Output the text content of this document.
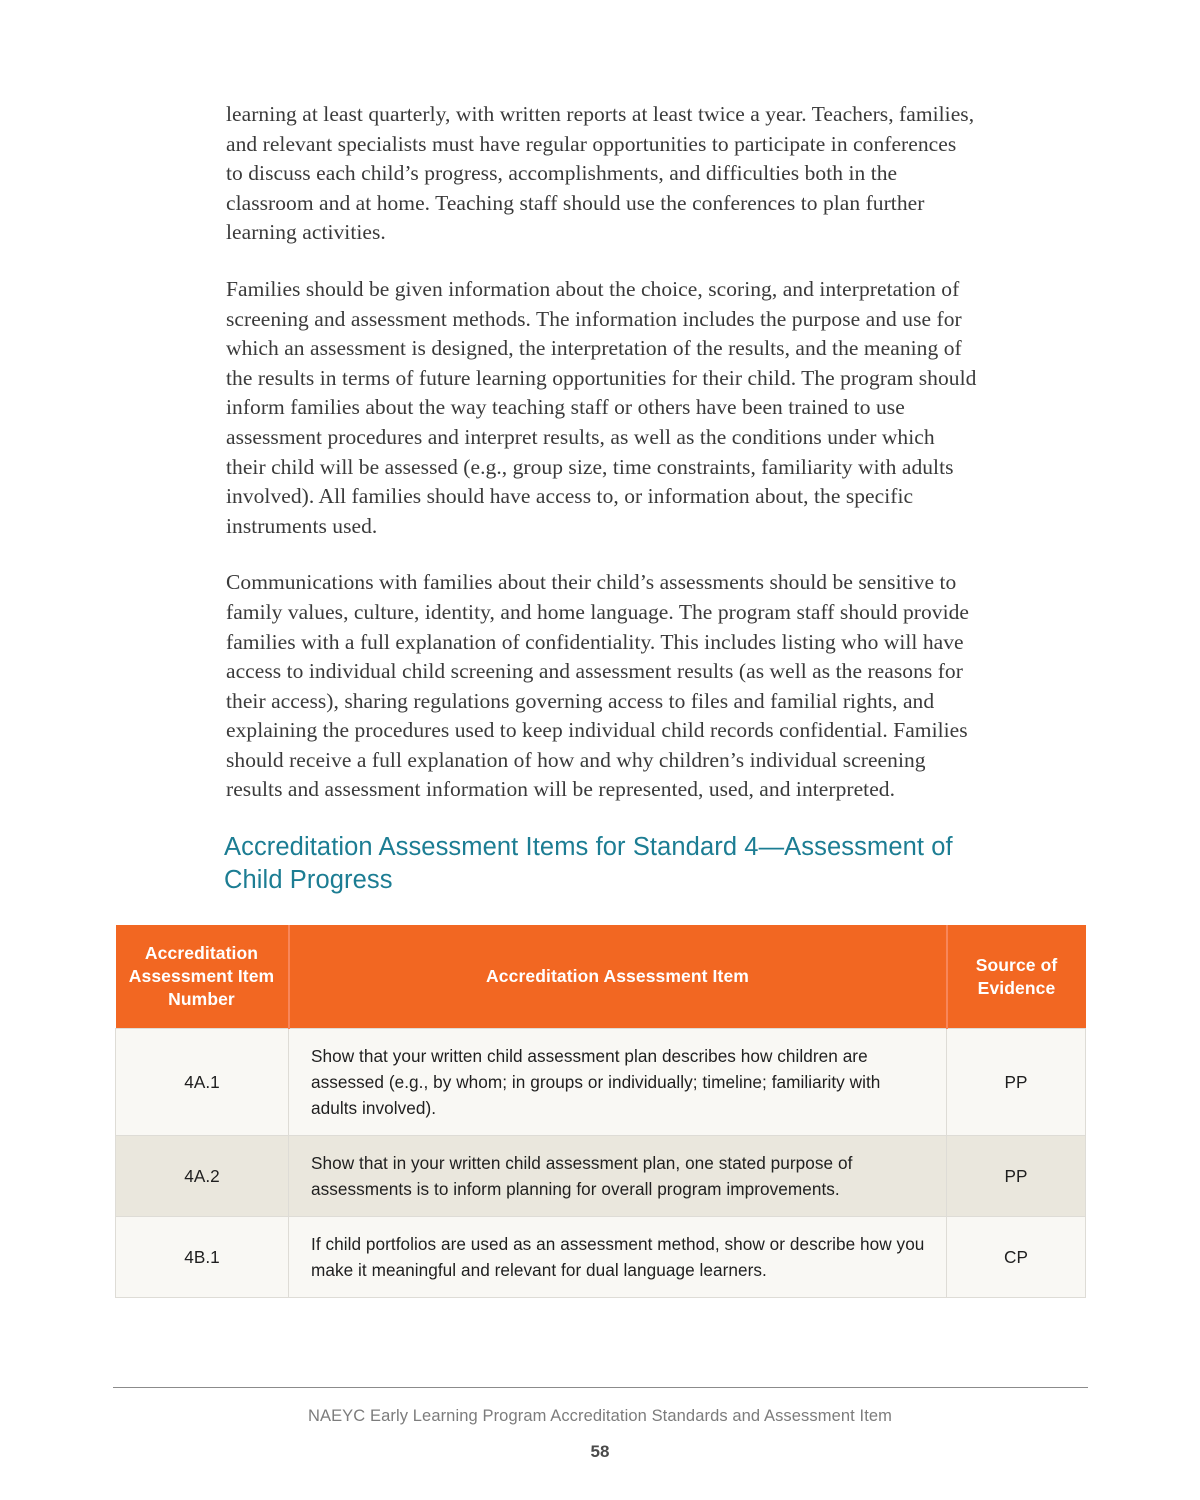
learning at least quarterly, with written reports at least twice a year. Teachers, families, and relevant specialists must have regular opportunities to participate in conferences to discuss each child’s progress, accomplishments, and difficulties both in the classroom and at home. Teaching staff should use the conferences to plan further learning activities.

Families should be given information about the choice, scoring, and interpretation of screening and assessment methods. The information includes the purpose and use for which an assessment is designed, the interpretation of the results, and the meaning of the results in terms of future learning opportunities for their child. The program should inform families about the way teaching staff or others have been trained to use assessment procedures and interpret results, as well as the conditions under which their child will be assessed (e.g., group size, time constraints, familiarity with adults involved). All families should have access to, or information about, the specific instruments used.

Communications with families about their child’s assessments should be sensitive to family values, culture, identity, and home language. The program staff should provide families with a full explanation of confidentiality. This includes listing who will have access to individual child screening and assessment results (as well as the reasons for their access), sharing regulations governing access to files and familial rights, and explaining the procedures used to keep individual child records confidential. Families should receive a full explanation of how and why children’s individual screening results and assessment information will be represented, used, and interpreted.

Accreditation Assessment Items for Standard 4—Assessment of Child Progress
Accreditation Assessment Item Number	Accreditation Assessment Item	Source of Evidence
4A.1	Show that your written child assessment plan describes how children are assessed (e.g., by whom; in groups or individually; timeline; familiarity with adults involved).	PP
4A.2	Show that in your written child assessment plan, one stated purpose of assessments is to inform planning for overall program improvements.	PP
4B.1	If child portfolios are used as an assessment method, show or describe how you make it meaningful and relevant for dual language learners.	CP
NAEYC Early Learning Program Accreditation Standards and Assessment Item
58
